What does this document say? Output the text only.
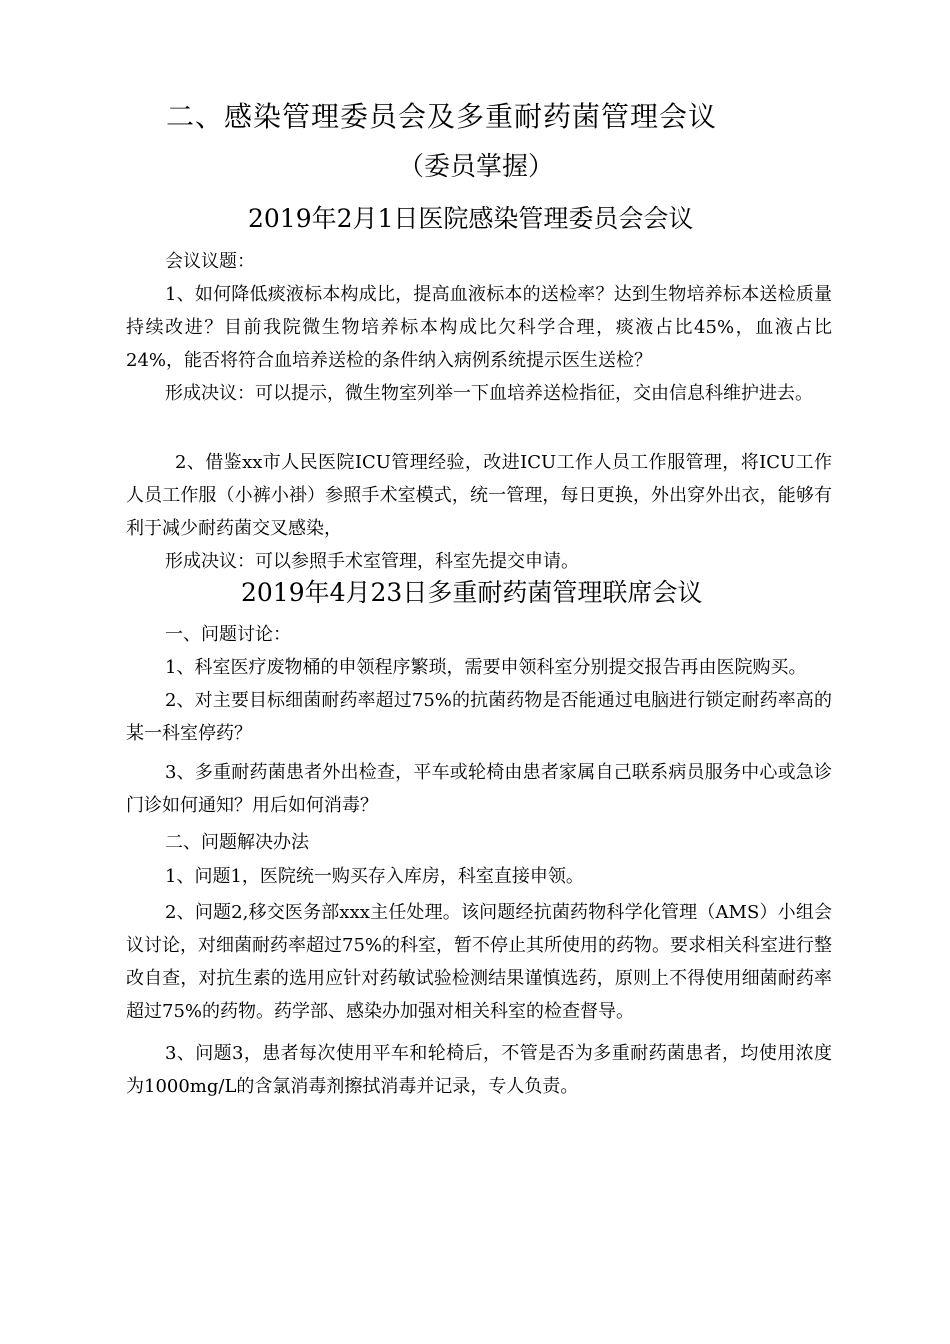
二、感染管理委员会及多重耐药菌管理会议
（委员掌握）
2019年2月1日医院感染管理委员会会议
会议议题：
1、如何降低痰液标本构成比，提高血液标本的送检率？达到生物培养标本送检质量持续改进？目前我院微生物培养标本构成比欠科学合理，痰液占比45%，血液占比24%，能否将符合血培养送检的条件纳入病例系统提示医生送检？
形成决议：可以提示，微生物室列举一下血培养送检指征，交由信息科维护进去。
2、借鉴xx市人民医院ICU管理经验，改进ICU工作人员工作服管理，将ICU工作人员工作服（小裤小褂）参照手术室模式，统一管理，每日更换，外出穿外出衣，能够有利于减少耐药菌交叉感染，
形成决议：可以参照手术室管理，科室先提交申请。
2019年4月23日多重耐药菌管理联席会议
一、问题讨论：
1、科室医疗废物桶的申领程序繁琐，需要申领科室分别提交报告再由医院购买。
2、对主要目标细菌耐药率超过75%的抗菌药物是否能通过电脑进行锁定耐药率高的某一科室停药？
3、多重耐药菌患者外出检查，平车或轮椅由患者家属自己联系病员服务中心或急诊门诊如何通知？用后如何消毒？
二、问题解决办法
1、问题1，医院统一购买存入库房，科室直接申领。
2、问题2,移交医务部xxx主任处理。该问题经抗菌药物科学化管理（AMS）小组会议讨论，对细菌耐药率超过75%的科室，暂不停止其所使用的药物。要求相关科室进行整改自查，对抗生素的选用应针对药敏试验检测结果谨慎选药，原则上不得使用细菌耐药率超过75%的药物。药学部、感染办加强对相关科室的检查督导。
3、问题3，患者每次使用平车和轮椅后，不管是否为多重耐药菌患者，均使用浓度为1000mg/L的含氯消毒剂擦拭消毒并记录，专人负责。
